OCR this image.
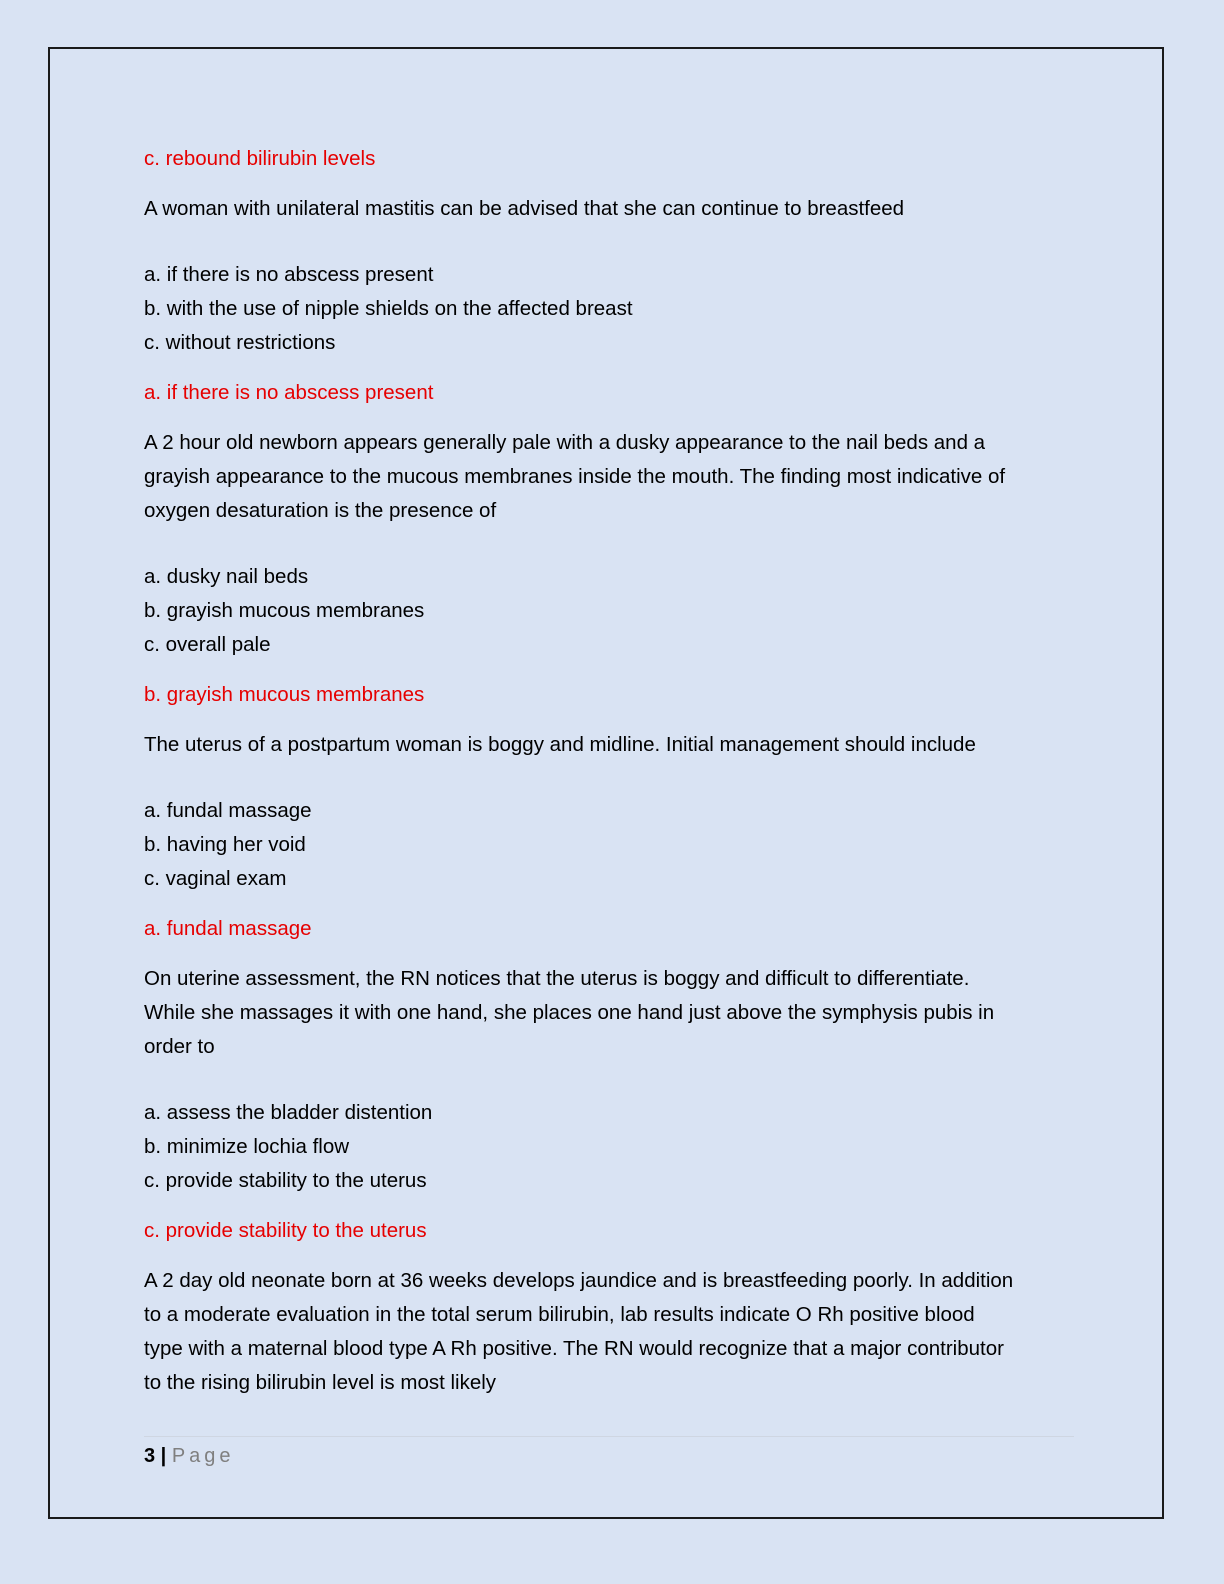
c. rebound bilirubin levels
A woman with unilateral mastitis can be advised that she can continue to breastfeed
a. if there is no abscess present
b. with the use of nipple shields on the affected breast
c. without restrictions
a. if there is no abscess present
A 2 hour old newborn appears generally pale with a dusky appearance to the nail beds and a
grayish appearance to the mucous membranes inside the mouth. The finding most indicative of
oxygen desaturation is the presence of
a. dusky nail beds
b. grayish mucous membranes
c. overall pale
b. grayish mucous membranes
The uterus of a postpartum woman is boggy and midline. Initial management should include
a. fundal massage
b. having her void
c. vaginal exam
a. fundal massage
On uterine assessment, the RN notices that the uterus is boggy and difficult to differentiate.
While she massages it with one hand, she places one hand just above the symphysis pubis in
order to
a. assess the bladder distention
b. minimize lochia flow
c. provide stability to the uterus
c. provide stability to the uterus
A 2 day old neonate born at 36 weeks develops jaundice and is breastfeeding poorly. In addition
to a moderate evaluation in the total serum bilirubin, lab results indicate O Rh positive blood
type with a maternal blood type A Rh positive. The RN would recognize that a major contributor
to the rising bilirubin level is most likely
3 | Page
